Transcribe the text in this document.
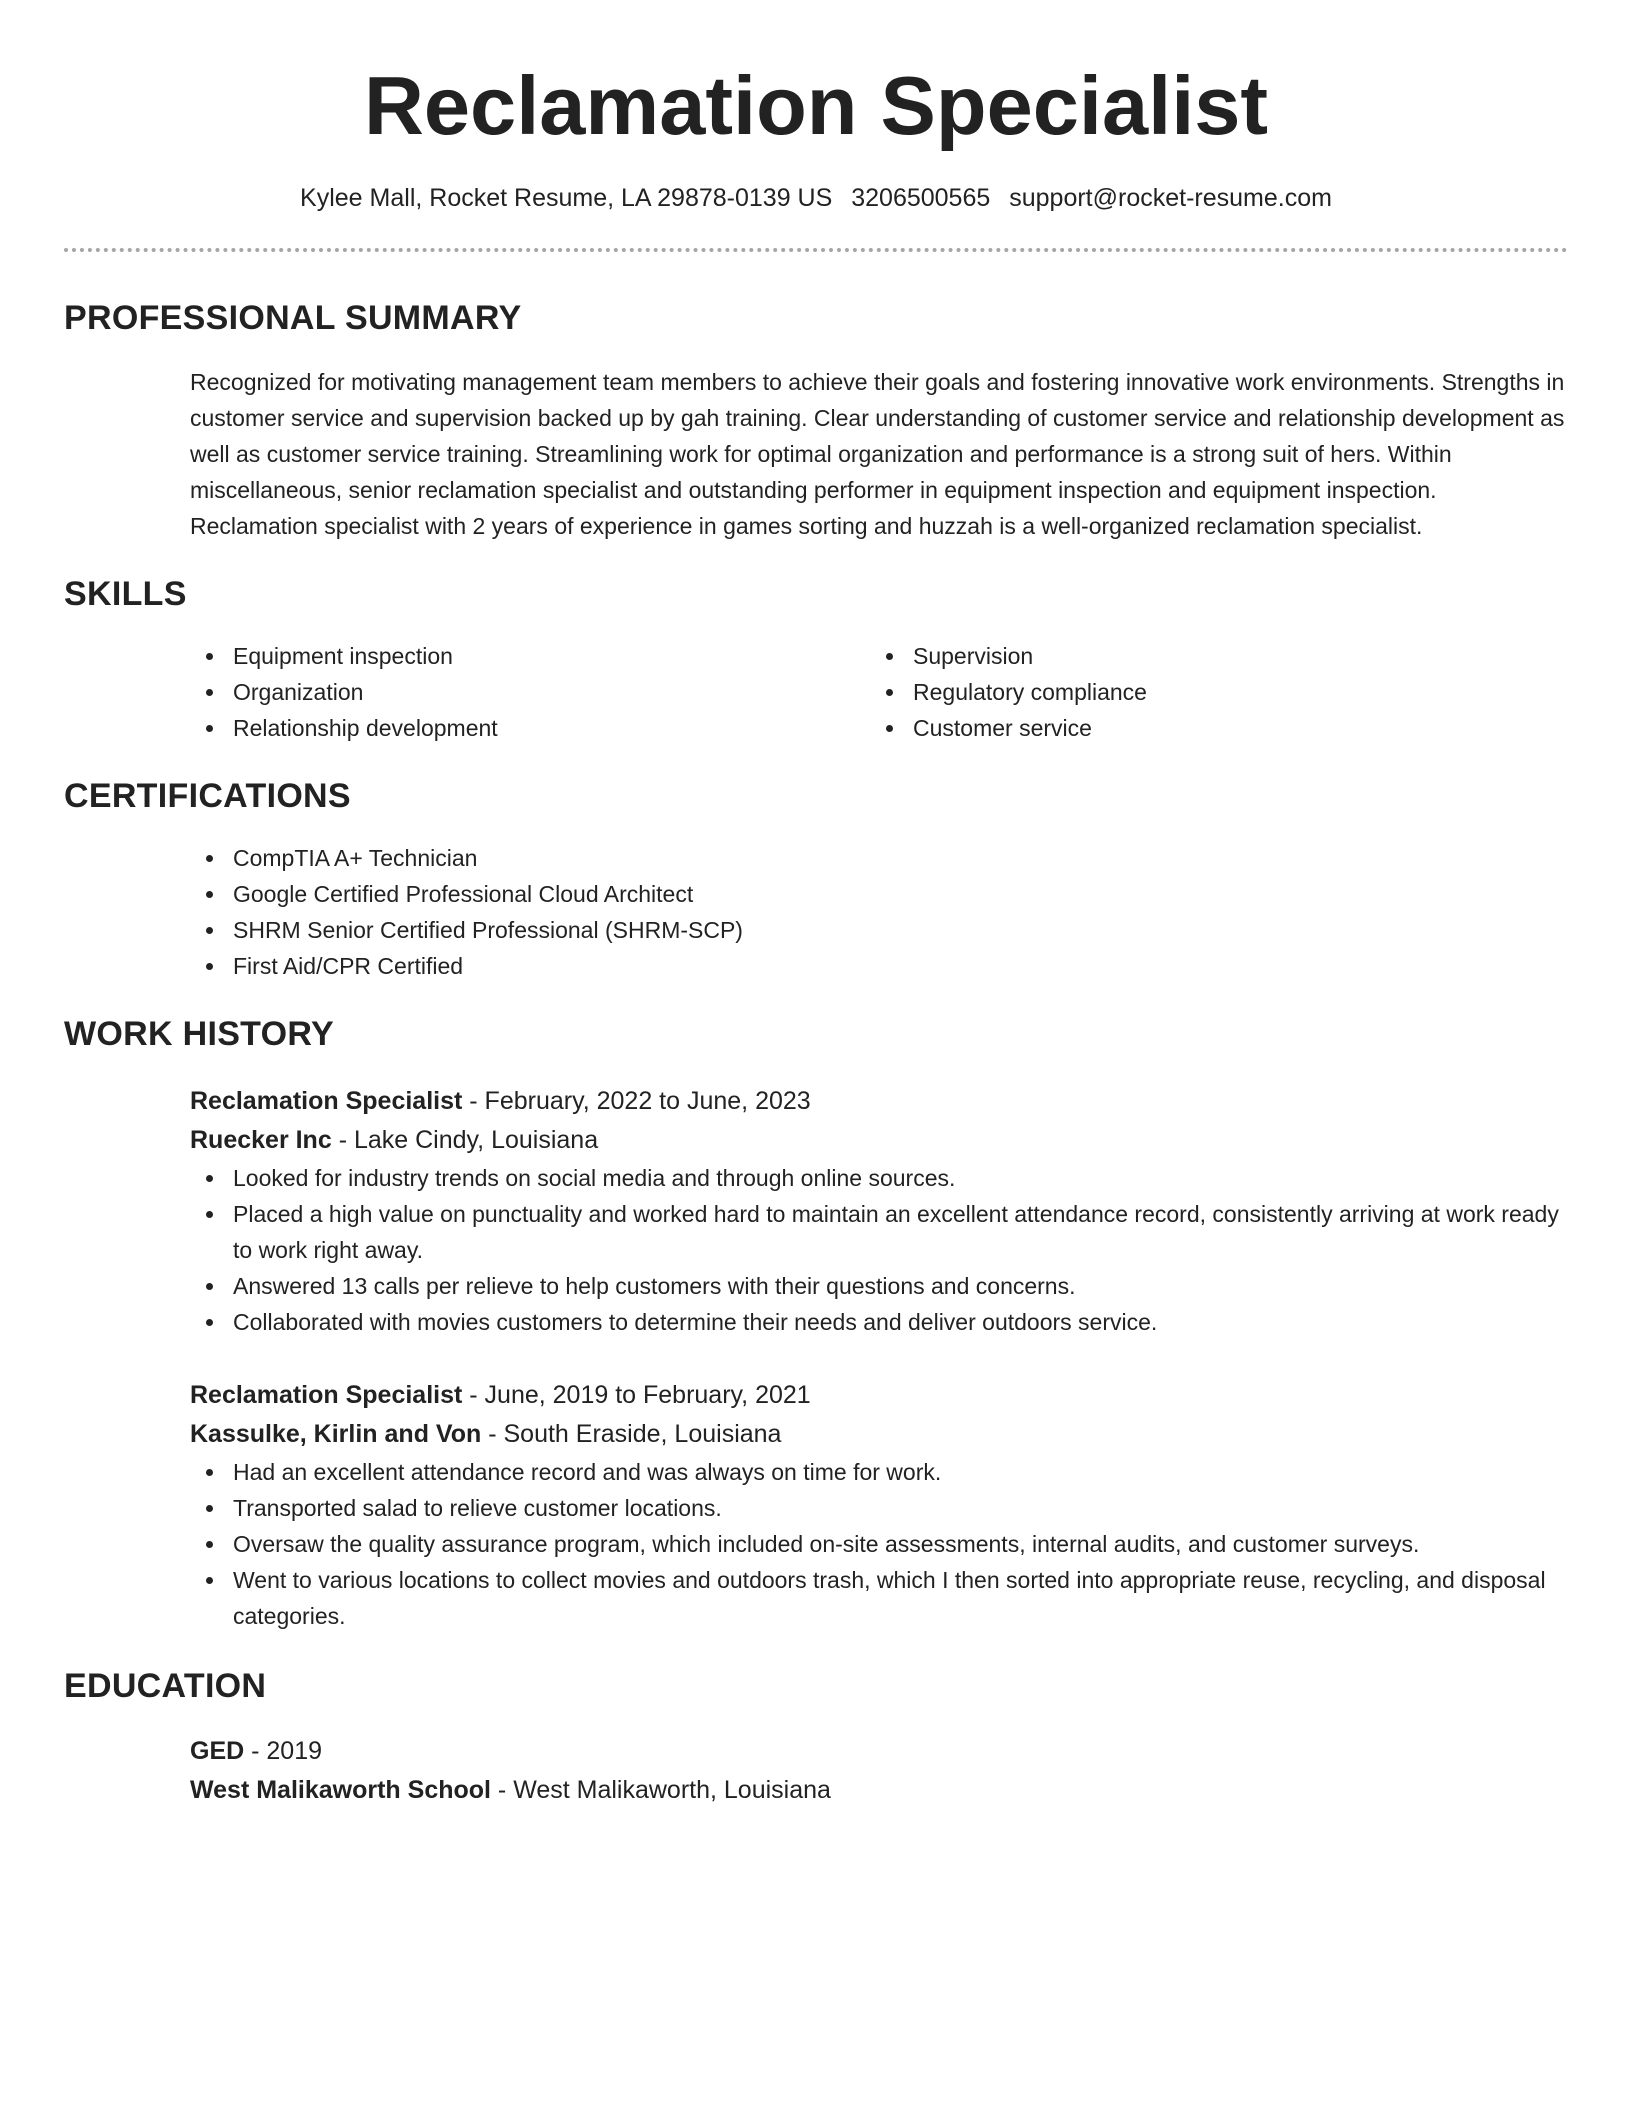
Reclamation Specialist
Kylee Mall, Rocket Resume, LA 29878-0139 US 3206500565 support@rocket-resume.com
PROFESSIONAL SUMMARY
Recognized for motivating management team members to achieve their goals and fostering innovative work environments. Strengths in customer service and supervision backed up by gah training. Clear understanding of customer service and relationship development as well as customer service training. Streamlining work for optimal organization and performance is a strong suit of hers. Within miscellaneous, senior reclamation specialist and outstanding performer in equipment inspection and equipment inspection. Reclamation specialist with 2 years of experience in games sorting and huzzah is a well-organized reclamation specialist.
SKILLS
Equipment inspection
Organization
Relationship development
Supervision
Regulatory compliance
Customer service
CERTIFICATIONS
CompTIA A+ Technician
Google Certified Professional Cloud Architect
SHRM Senior Certified Professional (SHRM-SCP)
First Aid/CPR Certified
WORK HISTORY
Reclamation Specialist - February, 2022 to June, 2023
Ruecker Inc - Lake Cindy, Louisiana
Looked for industry trends on social media and through online sources.
Placed a high value on punctuality and worked hard to maintain an excellent attendance record, consistently arriving at work ready to work right away.
Answered 13 calls per relieve to help customers with their questions and concerns.
Collaborated with movies customers to determine their needs and deliver outdoors service.
Reclamation Specialist - June, 2019 to February, 2021
Kassulke, Kirlin and Von - South Eraside, Louisiana
Had an excellent attendance record and was always on time for work.
Transported salad to relieve customer locations.
Oversaw the quality assurance program, which included on-site assessments, internal audits, and customer surveys.
Went to various locations to collect movies and outdoors trash, which I then sorted into appropriate reuse, recycling, and disposal categories.
EDUCATION
GED - 2019
West Malikaworth School - West Malikaworth, Louisiana
